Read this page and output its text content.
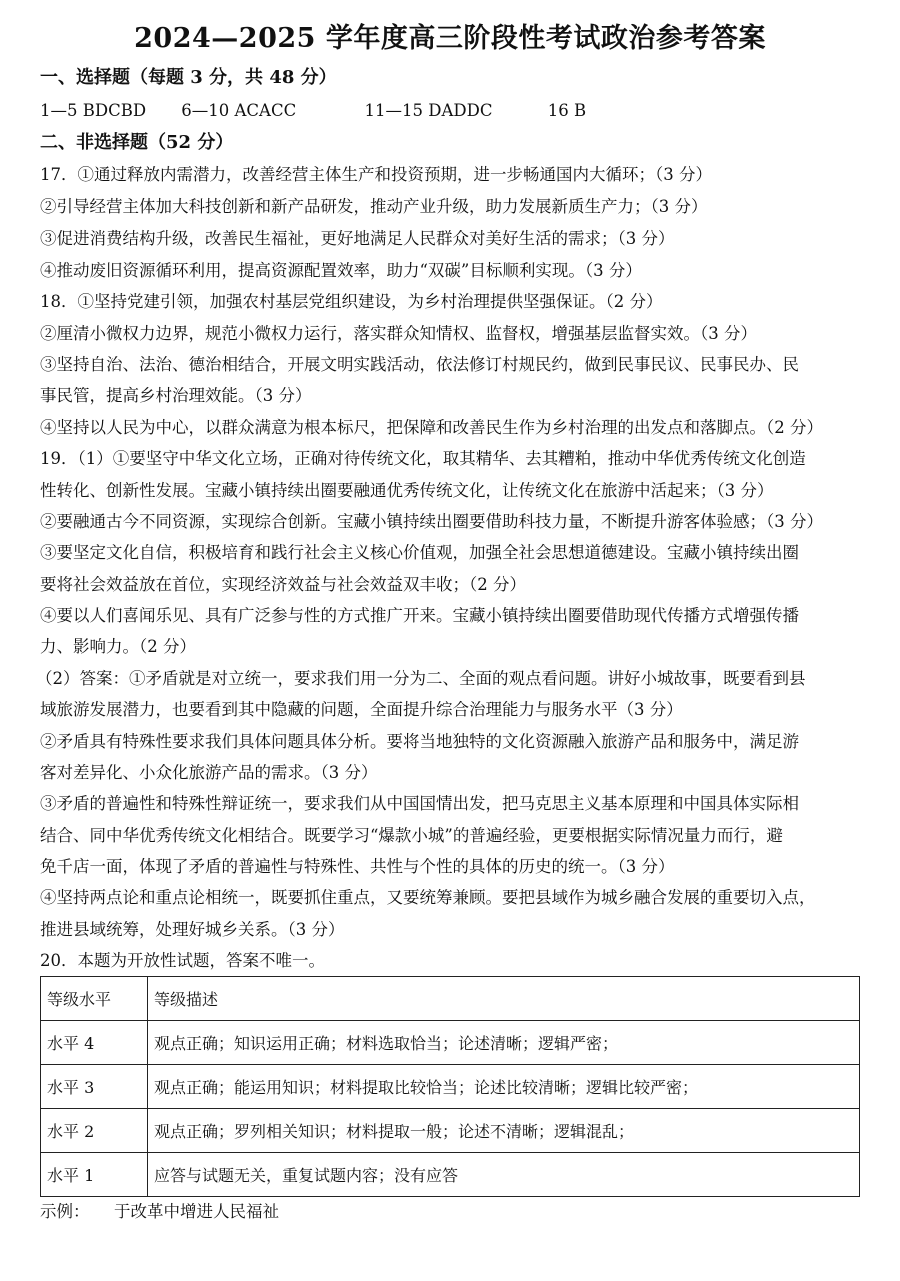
2024—2025 学年度高三阶段性考试政治参考答案
一、选择题（每题 3 分，共 48 分）
1—5 BDCBD 6—10 ACACC	11—15 DADDC	16 B
二、非选择题（52 分）
17．①通过释放内需潜力，改善经营主体生产和投资预期，进一步畅通国内大循环；（3 分）
②引导经营主体加大科技创新和新产品研发，推动产业升级，助力发展新质生产力；（3 分）
③促进消费结构升级，改善民生福祉，更好地满足人民群众对美好生活的需求；（3 分）
④推动废旧资源循环利用，提高资源配置效率，助力“双碳”目标顺利实现。（3 分）
18．①坚持党建引领，加强农村基层党组织建设，为乡村治理提供坚强保证。（2 分）
②厘清小微权力边界，规范小微权力运行，落实群众知情权、监督权，增强基层监督实效。（3 分）
③坚持自治、法治、德治相结合，开展文明实践活动，依法修订村规民约，做到民事民议、民事民办、民
事民管，提高乡村治理效能。（3 分）
④坚持以人民为中心，以群众满意为根本标尺，把保障和改善民生作为乡村治理的出发点和落脚点。（2 分）
19．（1）①要坚守中华文化立场，正确对待传统文化，取其精华、去其糟粕，推动中华优秀传统文化创造
性转化、创新性发展。宝藏小镇持续出圈要融通优秀传统文化，让传统文化在旅游中活起来；（3 分）
②要融通古今不同资源，实现综合创新。宝藏小镇持续出圈要借助科技力量，不断提升游客体验感；（3 分）
③要坚定文化自信，积极培育和践行社会主义核心价值观，加强全社会思想道德建设。宝藏小镇持续出圈
要将社会效益放在首位，实现经济效益与社会效益双丰收；（2 分）
④要以人们喜闻乐见、具有广泛参与性的方式推广开来。宝藏小镇持续出圈要借助现代传播方式增强传播
力、影响力。（2 分）
（2）答案：①矛盾就是对立统一，要求我们用一分为二、全面的观点看问题。讲好小城故事，既要看到县
域旅游发展潜力，也要看到其中隐藏的问题，全面提升综合治理能力与服务水平（3 分）
②矛盾具有特殊性要求我们具体问题具体分析。要将当地独特的文化资源融入旅游产品和服务中，满足游
客对差异化、小众化旅游产品的需求。（3 分）
③矛盾的普遍性和特殊性辩证统一，要求我们从中国国情出发，把马克思主义基本原理和中国具体实际相
结合、同中华优秀传统文化相结合。既要学习“爆款小城”的普遍经验，更要根据实际情况量力而行，避
免千店一面，体现了矛盾的普遍性与特殊性、共性与个性的具体的历史的统一。（3 分）
④坚持两点论和重点论相统一，既要抓住重点，又要统筹兼顾。要把县域作为城乡融合发展的重要切入点，
推进县域统筹，处理好城乡关系。（3 分）
20．本题为开放性试题，答案不唯一。
等级水平	等级描述
水平 4	观点正确；知识运用正确；材料选取恰当；论述清晰；逻辑严密；
水平 3	观点正确；能运用知识；材料提取比较恰当；论述比较清晰；逻辑比较严密；
水平 2	观点正确；罗列相关知识；材料提取一般；论述不清晰；逻辑混乱；
水平 1	应答与试题无关，重复试题内容；没有应答
示例： 于改革中增进人民福祉
